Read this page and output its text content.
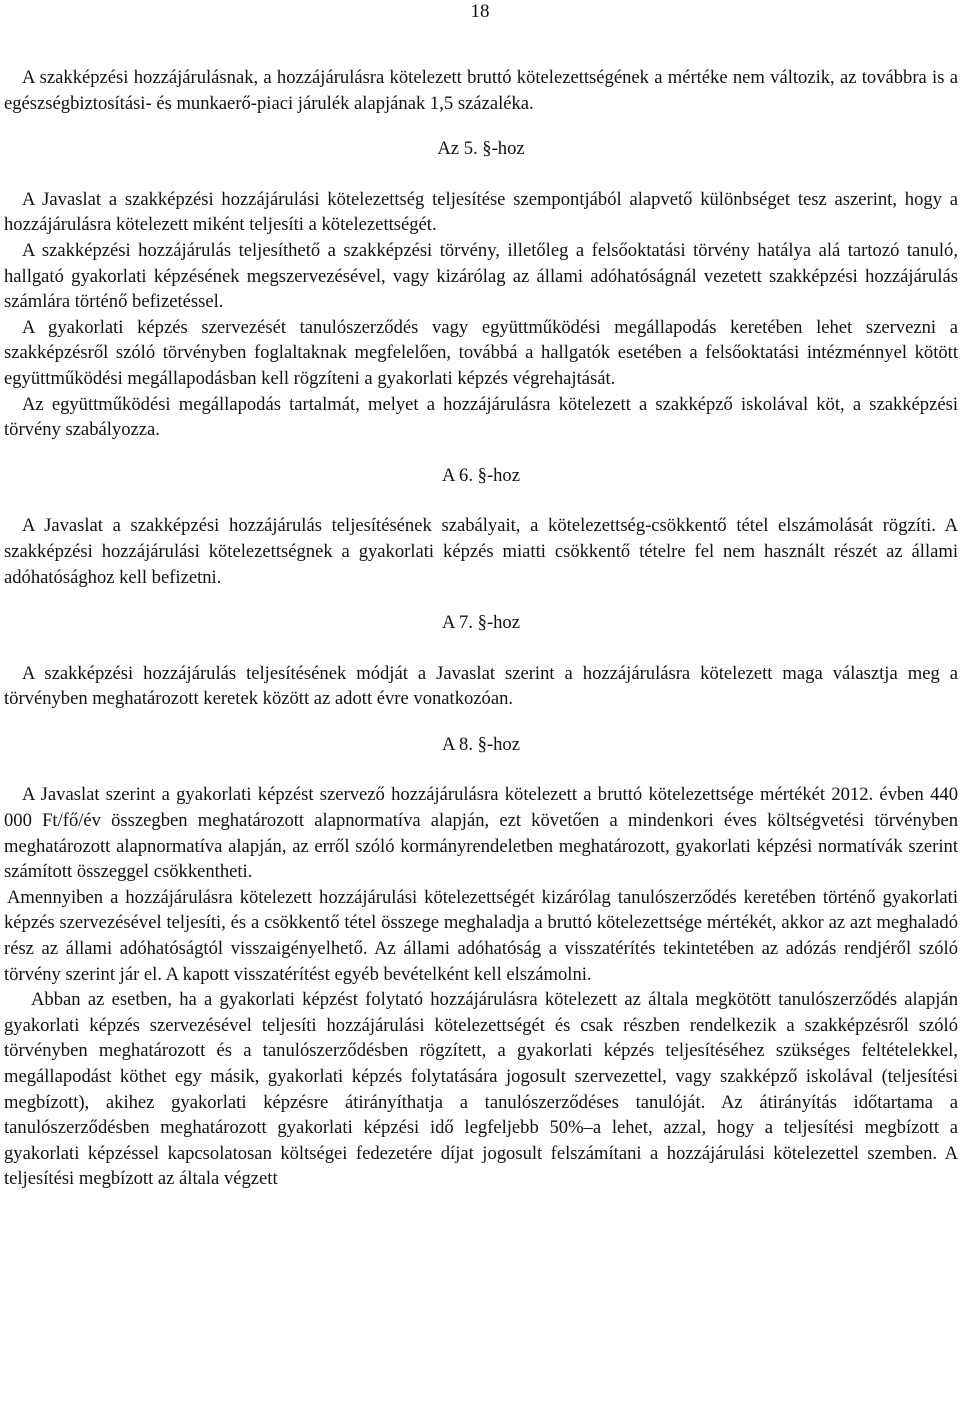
18

A szakképzési hozzájárulásnak, a hozzájárulásra kötelezett bruttó kötelezettségének a mértéke nem változik, az továbbra is a egészségbiztosítási- és munkaerő-piaci járulék alapjának 1,5 százaléka.

Az 5. §-hoz

A Javaslat a szakképzési hozzájárulási kötelezettség teljesítése szempontjából alapvető különbséget tesz aszerint, hogy a hozzájárulásra kötelezett miként teljesíti a kötelezettségét.

A szakképzési hozzájárulás teljesíthető a szakképzési törvény, illetőleg a felsőoktatási törvény hatálya alá tartozó tanuló, hallgató gyakorlati képzésének megszervezésével, vagy kizárólag az állami adóhatóságnál vezetett szakképzési hozzájárulás számlára történő befizetéssel.

A gyakorlati képzés szervezését tanulószerződés vagy együttműködési megállapodás keretében lehet szervezni a szakképzésről szóló törvényben foglaltaknak megfelelően, továbbá a hallgatók esetében a felsőoktatási intézménnyel kötött együttműködési megállapodásban kell rögzíteni a gyakorlati képzés végrehajtását.

Az együttműködési megállapodás tartalmát, melyet a hozzájárulásra kötelezett a szakképző iskolával köt, a szakképzési törvény szabályozza.

A 6. §-hoz

A Javaslat a szakképzési hozzájárulás teljesítésének szabályait, a kötelezettség-csökkentő tétel elszámolását rögzíti. A szakképzési hozzájárulási kötelezettségnek a gyakorlati képzés miatti csökkentő tételre fel nem használt részét az állami adóhatósághoz kell befizetni.

A 7. §-hoz

A szakképzési hozzájárulás teljesítésének módját a Javaslat szerint a hozzájárulásra kötelezett maga választja meg a törvényben meghatározott keretek között az adott évre vonatkozóan.

A 8. §-hoz

A Javaslat szerint a gyakorlati képzést szervező hozzájárulásra kötelezett a bruttó kötelezettsége mértékét 2012. évben 440 000 Ft/fő/év összegben meghatározott alapnormatíva alapján, ezt követően a mindenkori éves költségvetési törvényben meghatározott alapnormatíva alapján, az erről szóló kormányrendeletben meghatározott, gyakorlati képzési normatívák szerint számított összeggel csökkentheti.

Amennyiben a hozzájárulásra kötelezett hozzájárulási kötelezettségét kizárólag tanulószerződés keretében történő gyakorlati képzés szervezésével teljesíti, és a csökkentő tétel összege meghaladja a bruttó kötelezettsége mértékét, akkor az azt meghaladó rész az állami adóhatóságtól visszaigényelhető. Az állami adóhatóság a visszatérítés tekintetében az adózás rendjéről szóló törvény szerint jár el. A kapott visszatérítést egyéb bevételként kell elszámolni.

Abban az esetben, ha a gyakorlati képzést folytató hozzájárulásra kötelezett az általa megkötött tanulószerződés alapján gyakorlati képzés szervezésével teljesíti hozzájárulási kötelezettségét és csak részben rendelkezik a szakképzésről szóló törvényben meghatározott és a tanulószerződésben rögzített, a gyakorlati képzés teljesítéséhez szükséges feltételekkel, megállapodást köthet egy másik, gyakorlati képzés folytatására jogosult szervezettel, vagy szakképző iskolával (teljesítési megbízott), akihez gyakorlati képzésre átirányíthatja a tanulószerződéses tanulóját. Az átirányítás időtartama a tanulószerződésben meghatározott gyakorlati képzési idő legfeljebb 50%–a lehet, azzal, hogy a teljesítési megbízott a gyakorlati képzéssel kapcsolatosan költségei fedezetére díjat jogosult felszámítani a hozzájárulási kötelezettel szemben. A teljesítési megbízott az általa végzett
